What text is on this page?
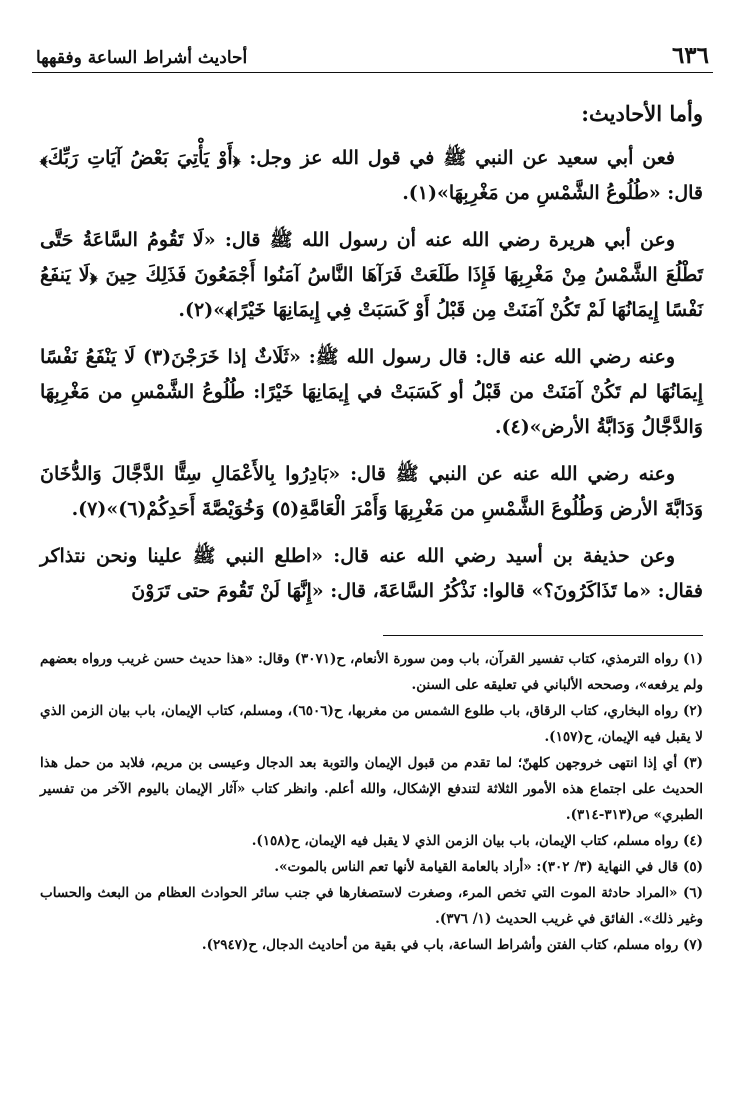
٦٣٦
أحاديث أشراط الساعة وفقهها

وأما الأحاديث:

فعن أبي سعيد عن النبي ﷺ في قول الله عز وجل: ﴿أَوْ يَأْتِيَ بَعْضُ آيَاتِ رَبِّكَ﴾ قال: «طُلُوعُ الشَّمْسِ من مَغْرِبِهَا»(١).

وعن أبي هريرة رضي الله عنه أن رسول الله ﷺ قال: «لَا تَقُومُ السَّاعَةُ حَتَّى تَطْلُعَ الشَّمْسُ مِنْ مَغْرِبِهَا فَإِذَا طَلَعَتْ فَرَآهَا النَّاسُ آمَنُوا أَجْمَعُونَ فَذَلِكَ حِينَ ﴿لَا يَنفَعُ نَفْسًا إِيمَانُهَا لَمْ تَكُنْ آمَنَتْ مِن قَبْلُ أَوْ كَسَبَتْ فِي إِيمَانِهَا خَيْرًا﴾»(٢).

وعنه رضي الله عنه قال: قال رسول الله ﷺ: «ثَلَاثٌ إذا خَرَجْنَ(٣) لَا يَنْفَعُ نَفْسًا إِيمَانُهَا لم تَكُنْ آمَنَتْ من قَبْلُ أو كَسَبَتْ في إِيمَانِهَا خَيْرًا: طُلُوعُ الشَّمْسِ من مَغْرِبِهَا وَالدَّجَّالُ وَدَابَّةُ الأرض»(٤).

وعنه رضي الله عنه عن النبي ﷺ قال: «بَادِرُوا بِالأَعْمَالِ سِتًّا الدَّجَّالَ وَالدُّخَانَ وَدَابَّةَ الأرض وَطُلُوعَ الشَّمْسِ من مَغْرِبِهَا وَأَمْرَ الْعَامَّةِ(٥) وَخُوَيْصَّةَ أَحَدِكُمْ(٦)»(٧).

وعن حذيفة بن أسيد رضي الله عنه قال: «اطلع النبي ﷺ علينا ونحن نتذاكر فقال: «ما تَذَاكَرُونَ؟» قالوا: نَذْكُرُ السَّاعَةَ، قال: «إِنَّهَا لَنْ تَقُومَ حتى تَرَوْنَ

(١) رواه الترمذي، كتاب تفسير القرآن، باب ومن سورة الأنعام، ح(٣٠٧١) وقال: «هذا حديث حسن غريب ورواه بعضهم ولم يرفعه»، وصححه الألباني في تعليقه على السنن.

(٢) رواه البخاري، كتاب الرقاق، باب طلوع الشمس من مغربها، ح(٦٥٠٦)، ومسلم، كتاب الإيمان، باب بيان الزمن الذي لا يقبل فيه الإيمان، ح(١٥٧).

(٣) أي إذا انتهى خروجهن كلهنّ؛ لما تقدم من قبول الإيمان والتوبة بعد الدجال وعيسى بن مريم، فلابد من حمل هذا الحديث على اجتماع هذه الأمور الثلاثة لتندفع الإشكال، والله أعلم. وانظر كتاب «آثار الإيمان باليوم الآخر من تفسير الطبري» ص(٣١٣-٣١٤).

(٤) رواه مسلم، كتاب الإيمان، باب بيان الزمن الذي لا يقبل فيه الإيمان، ح(١٥٨).

(٥) قال في النهاية (٣/ ٣٠٢): «أراد بالعامة القيامة لأنها تعم الناس بالموت».

(٦) «المراد حادثة الموت التي تخص المرء، وصغرت لاستصغارها في جنب سائر الحوادث العظام من البعث والحساب وغير ذلك». الفائق في غريب الحديث (١/ ٣٧٦).

(٧) رواه مسلم، كتاب الفتن وأشراط الساعة، باب في بقية من أحاديث الدجال، ح(٢٩٤٧).
